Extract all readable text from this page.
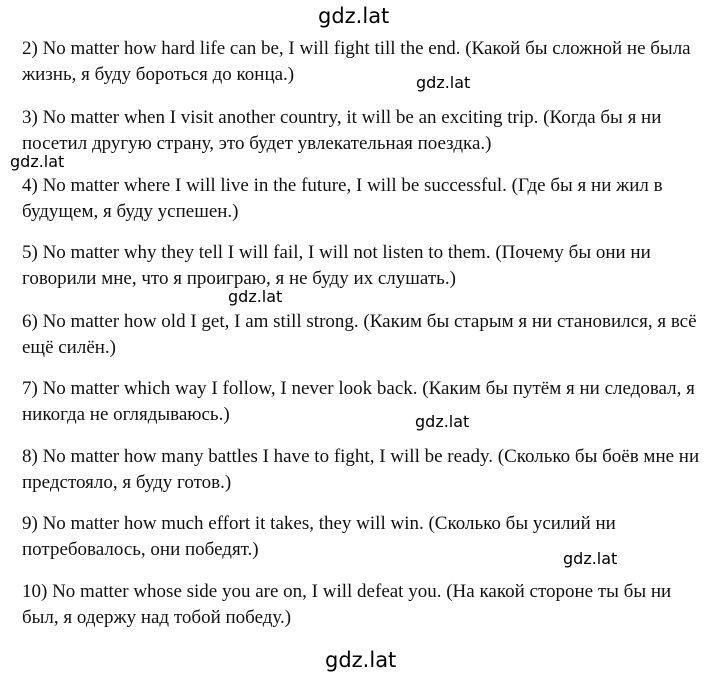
gdz.lat

2) No matter how hard life can be, I will fight till the end. (Какой бы сложной не была жизнь, я буду бороться до конца.)	gdz.lat

3) No matter when I visit another country, it will be an exciting trip. (Когда бы я ни посетил другую страну, это будет увлекательная поездка.)

gdz.lat

4) No matter where I will live in the future, I will be successful. (Где бы я ни жил в будущем, я буду успешен.)

5) No matter why they tell I will fail, I will not listen to them. (Почему бы они ни говорили мне, что я проиграю, я не буду их слушать.)

gdz.lat

6) No matter how old I get, I am still strong. (Каким бы старым я ни становился, я всё ещё силён.)

7) No matter which way I follow, I never look back. (Каким бы путём я ни следовал, я никогда не оглядываюсь.)	gdz.lat

8) No matter how many battles I have to fight, I will be ready. (Сколько бы боёв мне ни предстояло, я буду готов.)

9) No matter how much effort it takes, they will win. (Сколько бы усилий ни потребовалось, они победят.)	gdz.lat

10) No matter whose side you are on, I will defeat you. (На какой стороне ты бы ни был, я одержу над тобой победу.)

gdz.lat
